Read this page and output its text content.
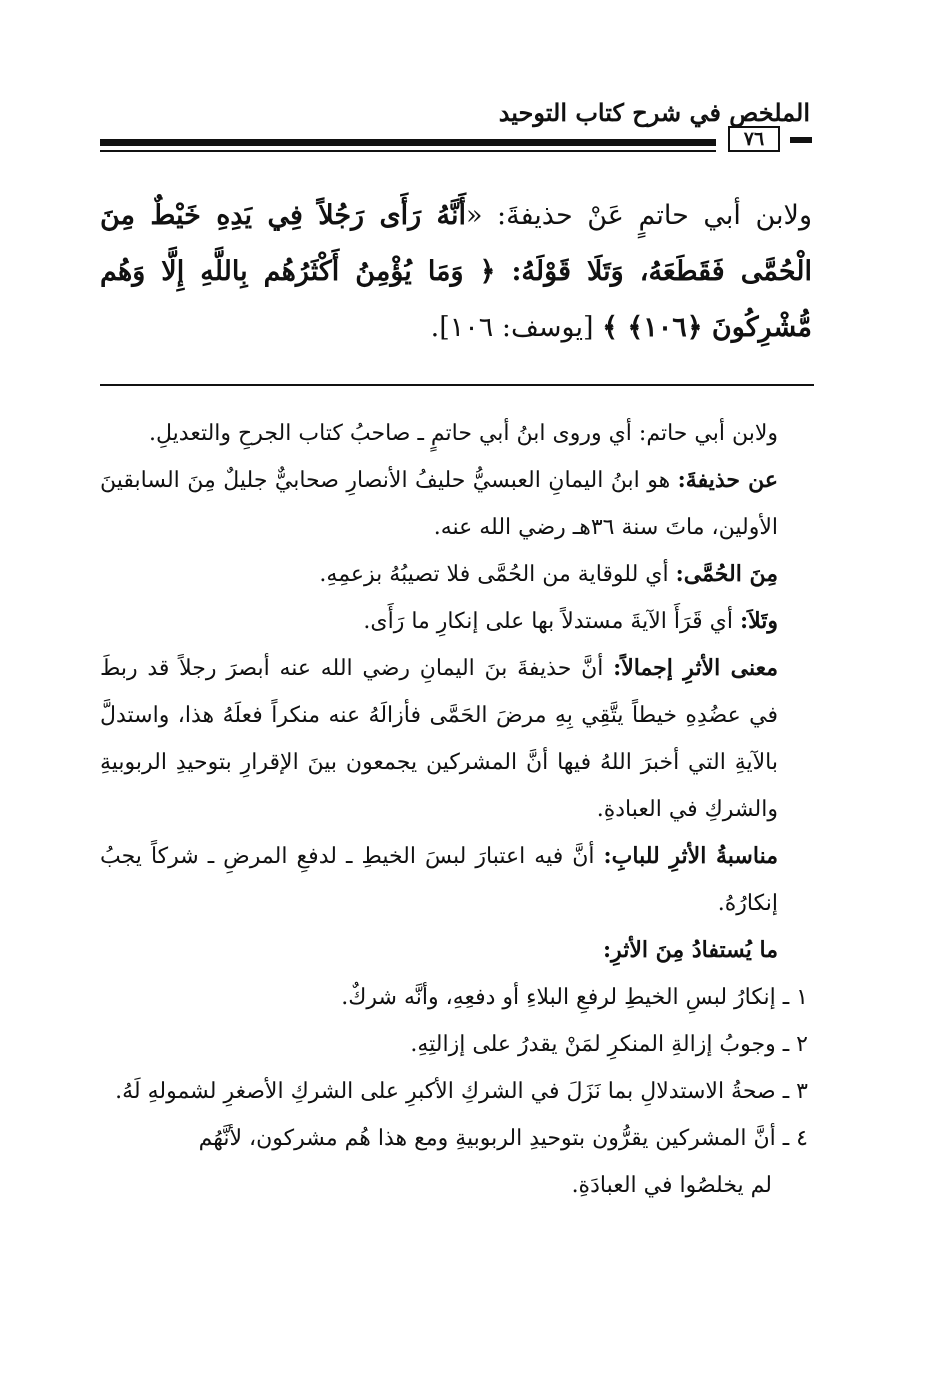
الملخص في شرح كتاب التوحيد
٧٦
ولابن أبي حاتمٍ عَنْ حذيفةَ: «أَنَّهُ رَأَى رَجُلاً فِي يَدِهِ خَيْطٌ مِنَ الْحُمَّى فَقَطَعَهُ، وَتَلَا قَوْلَهُ: ﴿ وَمَا يُؤْمِنُ أَكْثَرُهُم بِاللَّهِ إِلَّا وَهُم مُّشْرِكُونَ ﴿١٠٦﴾ ﴾ [يوسف: ١٠٦].

ولابن أبي حاتم: أي وروى ابنُ أبي حاتمٍ ـ صاحبُ كتاب الجرحِ والتعديلِ.

عن حذيفةَ: هو ابنُ اليمانِ العبسيُّ حليفُ الأنصارِ صحابيٌّ جليلٌ مِنَ السابقينَ الأولين، ماتَ سنة ٣٦هـ رضي الله عنه.

مِنَ الحُمَّى: أي للوقاية من الحُمَّى فلا تصيبُهُ بزعمِهِ.

وتَلاَ: أي قَرَأَ الآيةَ مستدلاً بها على إنكارِ ما رَأَى.

معنى الأثرِ إجمالاً: أنَّ حذيفةَ بنَ اليمانِ رضي الله عنه أبصرَ رجلاً قد ربطَ في عضُدِهِ خيطاً يتَّقِي بِهِ مرضَ الحَمَّى فأزالَهُ عنه منكراً فعلَهُ هذا، واستدلَّ بالآيةِ التي أخبرَ اللهُ فيها أنَّ المشركين يجمعون بينَ الإقرارِ بتوحيدِ الربوبيةِ والشركِ في العبادةِ.

مناسبةُ الأثرِ للبابِ: أنَّ فيه اعتبارَ لبسَ الخيطِ ـ لدفعِ المرضِ ـ شركاً يجبُ إنكارُهُ.

ما يُستفادُ مِنَ الأثرِ:

١ ـ إنكارُ لبسِ الخيطِ لرفعِ البلاءِ أو دفعِهِ، وأنَّه شركٌ.

٢ ـ وجوبُ إزالةِ المنكرِ لمَنْ يقدرُ على إزالتِهِ.

٣ ـ صحةُ الاستدلالِ بما نَزَلَ في الشركِ الأكبرِ على الشركِ الأصغرِ لشمولهِ لَهُ.

٤ ـ أنَّ المشركين يقرُّون بتوحيدِ الربوبيةِ ومع هذا هُم مشركون، لأنَّهُم

لم يخلصُوا في العبادَةِ.
